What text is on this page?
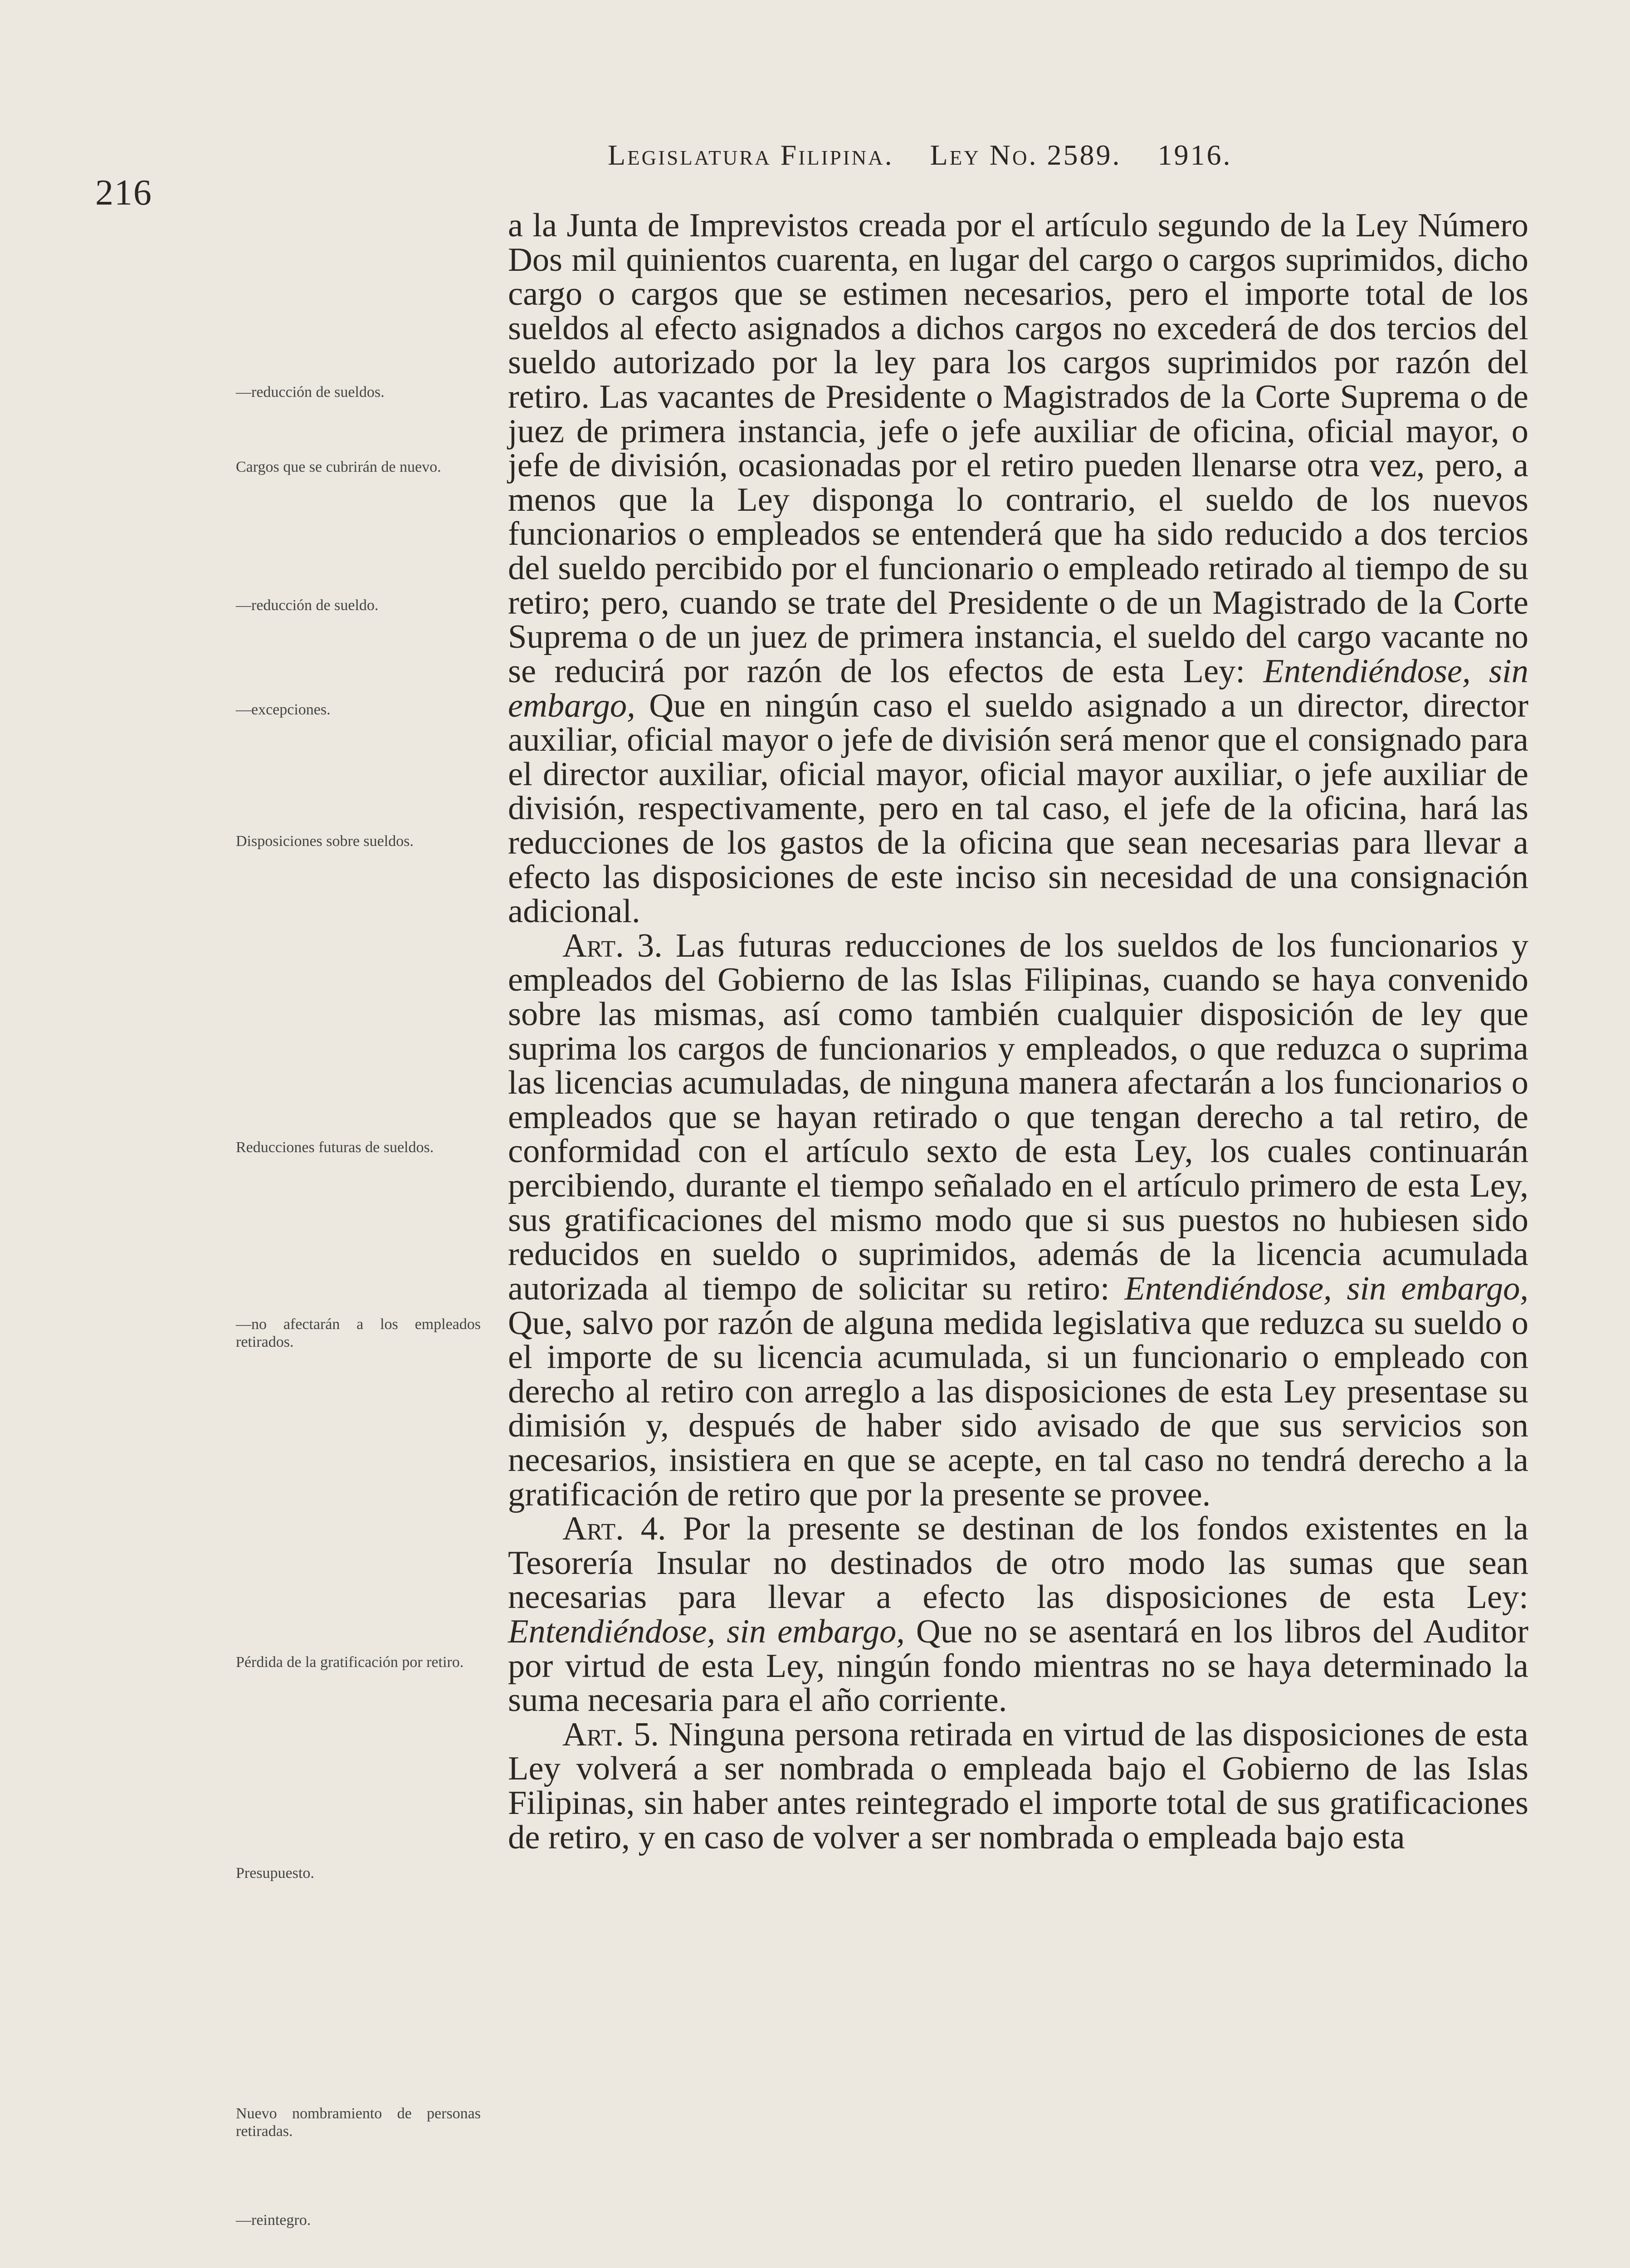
216
Legislatura Filipina. Ley No. 2589. 1916.

a la Junta de Imprevistos creada por el artículo segundo de la Ley Número Dos mil quinientos cuarenta, en lugar del cargo o cargos suprimidos, dicho cargo o cargos que se estimen necesarios, pero el importe total de los sueldos al efecto asignados a dichos cargos no excederá de dos tercios del sueldo autorizado por la ley para los cargos suprimidos por razón del retiro. Las vacantes de Presidente o Magistrados de la Corte Suprema o de juez de primera instancia, jefe o jefe auxiliar de oficina, oficial mayor, o jefe de división, ocasionadas por el retiro pueden llenarse otra vez, pero, a menos que la Ley disponga lo contrario, el sueldo de los nuevos funcionarios o empleados se entenderá que ha sido reducido a dos tercios del sueldo percibido por el funcionario o empleado retirado al tiempo de su retiro; pero, cuando se trate del Presidente o de un Magistrado de la Corte Suprema o de un juez de primera instancia, el sueldo del cargo vacante no se reducirá por razón de los efectos de esta Ley: Entendiéndose, sin embargo, Que en ningún caso el sueldo asignado a un director, director auxiliar, oficial mayor o jefe de división será menor que el consignado para el director auxiliar, oficial mayor, oficial mayor auxiliar, o jefe auxiliar de división, respectivamente, pero en tal caso, el jefe de la oficina, hará las reducciones de los gastos de la oficina que sean necesarias para llevar a efecto las disposiciones de este inciso sin necesidad de una consignación adicional.

Art. 3. Las futuras reducciones de los sueldos de los funcionarios y empleados del Gobierno de las Islas Filipinas, cuando se haya convenido sobre las mismas, así como también cualquier disposición de ley que suprima los cargos de funcionarios y empleados, o que reduzca o suprima las licencias acumuladas, de ninguna manera afectarán a los funcionarios o empleados que se hayan retirado o que tengan derecho a tal retiro, de conformidad con el artículo sexto de esta Ley, los cuales continuarán percibiendo, durante el tiempo señalado en el artículo primero de esta Ley, sus gratificaciones del mismo modo que si sus puestos no hubiesen sido reducidos en sueldo o suprimidos, además de la licencia acumulada autorizada al tiempo de solicitar su retiro: Entendiéndose, sin embargo, Que, salvo por razón de alguna medida legislativa que reduzca su sueldo o el importe de su licencia acumulada, si un funcionario o empleado con derecho al retiro con arreglo a las disposiciones de esta Ley presentase su dimisión y, después de haber sido avisado de que sus servicios son necesarios, insistiera en que se acepte, en tal caso no tendrá derecho a la gratificación de retiro que por la presente se provee.

Art. 4. Por la presente se destinan de los fondos existentes en la Tesorería Insular no destinados de otro modo las sumas que sean necesarias para llevar a efecto las disposiciones de esta Ley: Entendiéndose, sin embargo, Que no se asentará en los libros del Auditor por virtud de esta Ley, ningún fondo mientras no se haya determinado la suma necesaria para el año corriente.

Art. 5. Ninguna persona retirada en virtud de las disposiciones de esta Ley volverá a ser nombrada o empleada bajo el Gobierno de las Islas Filipinas, sin haber antes reintegrado el importe total de sus gratificaciones de retiro, y en caso de volver a ser nombrada o empleada bajo esta

—reducción de sueldos.
Cargos que se cubrirán de nuevo.
—reducción de sueldo.
—excepciones.
Disposiciones sobre sueldos.
Reducciones futuras de sueldos.
—no afectarán a los empleados retirados.
Pérdida de la gratificación por retiro.
Presupuesto.
Nuevo nombramiento de personas retiradas.
—reintegro.
